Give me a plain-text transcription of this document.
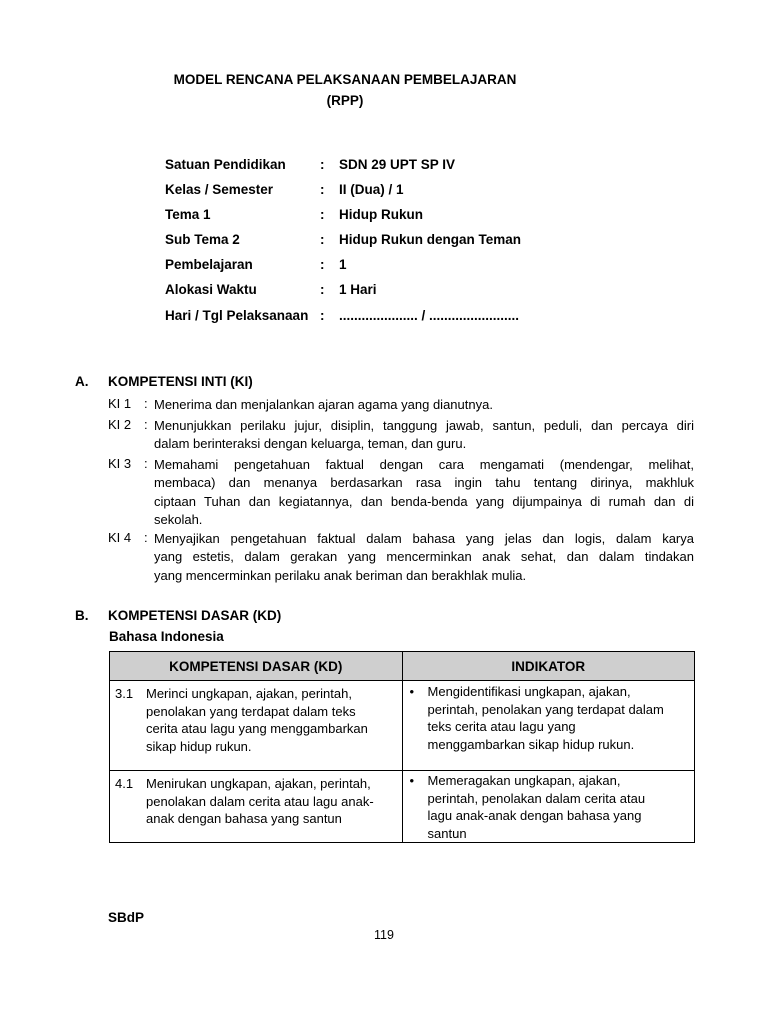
MODEL RENCANA PELAKSANAAN PEMBELAJARAN
(RPP)
Satuan Pendidikan	: SDN 29 UPT SP IV
Kelas / Semester	: II (Dua) / 1
Tema 1	: Hidup Rukun
Sub Tema 2	: Hidup Rukun dengan Teman
Pembelajaran	: 1
Alokasi Waktu	: 1 Hari
Hari / Tgl Pelaksanaan : ..................... / ........................
A. KOMPETENSI INTI (KI)
KI 1 : Menerima dan menjalankan ajaran agama yang dianutnya.
KI 2 : Menunjukkan perilaku jujur, disiplin, tanggung jawab, santun, peduli, dan percaya diri
dalam berinteraksi dengan keluarga, teman, dan guru.
KI 3 : Memahami pengetahuan faktual dengan cara mengamati (mendengar, melihat,
membaca) dan menanya berdasarkan rasa ingin tahu tentang dirinya, makhluk
ciptaan Tuhan dan kegiatannya, dan benda-benda yang dijumpainya di rumah dan di
sekolah.
KI 4 : Menyajikan pengetahuan faktual dalam bahasa yang jelas dan logis, dalam karya
yang estetis, dalam gerakan yang mencerminkan anak sehat, dan dalam tindakan
yang mencerminkan perilaku anak beriman dan berakhlak mulia.
B. KOMPETENSI DASAR (KD)
Bahasa Indonesia
KOMPETENSI DASAR (KD)	INDIKATOR

3.1 Merinci ungkapan, ajakan, perintah,
penolakan yang terdapat dalam teks
cerita atau lagu yang menggambarkan
sikap hidup rukun.	• Mengidentifikasi ungkapan, ajakan,
perintah, penolakan yang terdapat dalam
teks cerita atau lagu yang
menggambarkan sikap hidup rukun.

4.1 Menirukan ungkapan, ajakan, perintah,
penolakan dalam cerita atau lagu anak-
anak dengan bahasa yang santun	• Memeragakan ungkapan, ajakan,
perintah, penolakan dalam cerita atau
lagu anak-anak dengan bahasa yang
santun
SBdP
119
